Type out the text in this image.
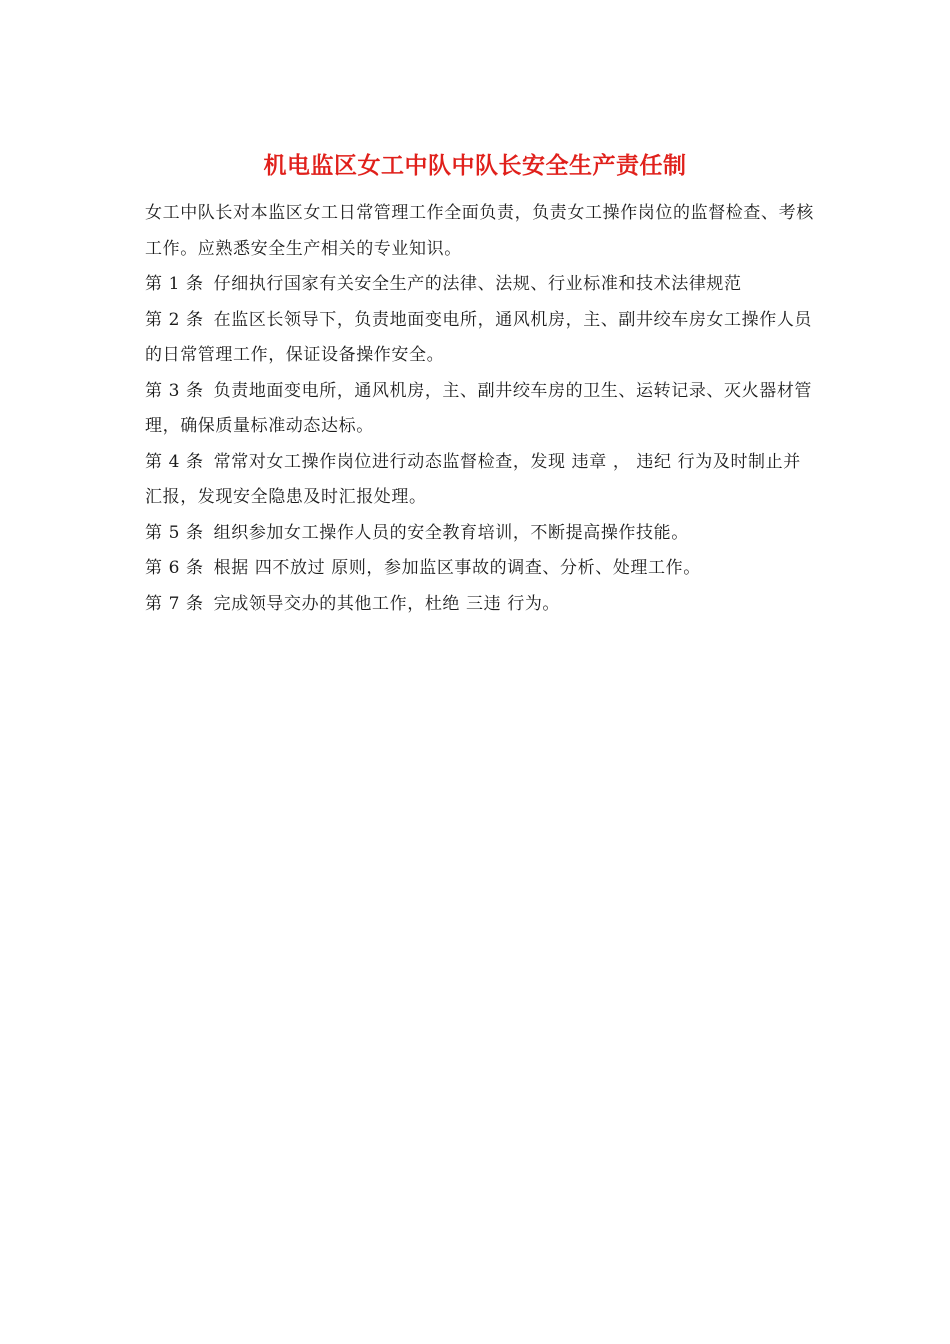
机电监区女工中队中队长安全生产责任制

女工中队长对本监区女工日常管理工作全面负责，负责女工操作岗位的监督检查、考核工作。应熟悉安全生产相关的专业知识。

第 1 条 仔细执行国家有关安全生产的法律、法规、行业标准和技术法律规范

第 2 条 在监区长领导下，负责地面变电所，通风机房，主、副井绞车房女工操作人员的日常管理工作，保证设备操作安全。

第 3 条 负责地面变电所，通风机房，主、副井绞车房的卫生、运转记录、灭火器材管理，确保质量标准动态达标。

第 4 条 常常对女工操作岗位进行动态监督检查，发现 违章 ， 违纪 行为及时制止并汇报，发现安全隐患及时汇报处理。

第 5 条 组织参加女工操作人员的安全教育培训，不断提高操作技能。

第 6 条 根据 四不放过 原则，参加监区事故的调查、分析、处理工作。

第 7 条 完成领导交办的其他工作，杜绝 三违 行为。
